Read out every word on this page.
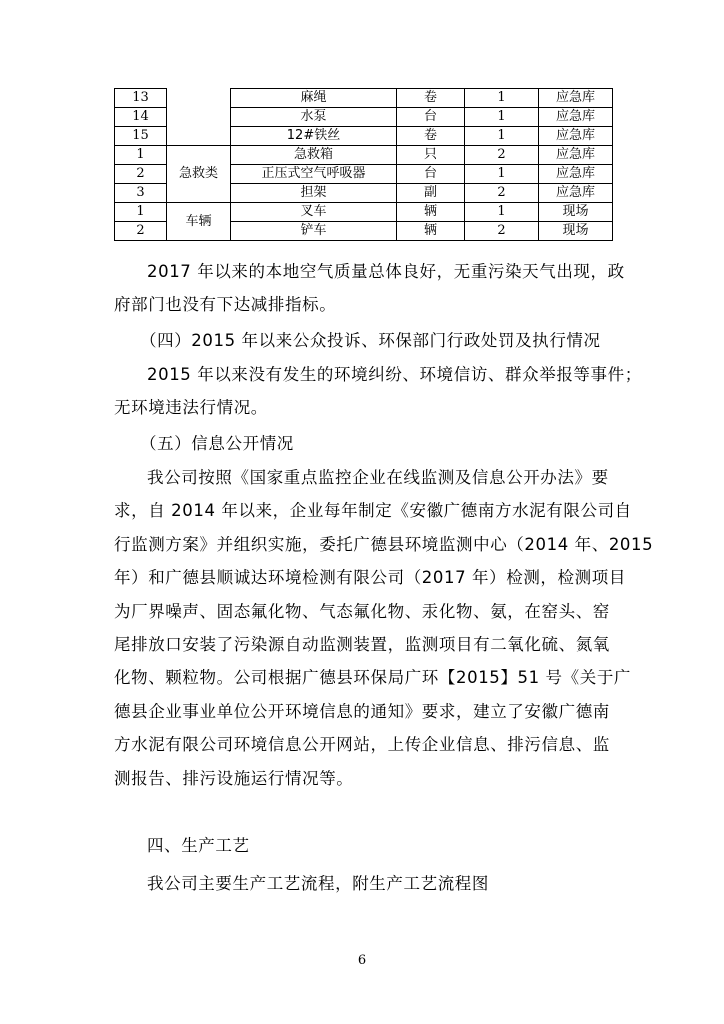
13		麻绳	卷	1	应急库
14		水泵	台	1	应急库
15		12#铁丝	卷	1	应急库
1	急救类	急救箱	只	2	应急库
2		正压式空气呼吸器	台	1	应急库
3		担架	副	2	应急库
1	车辆	叉车	辆	1	现场
2		铲车	辆	2	现场
2017 年以来的本地空气质量总体良好，无重污染天气出现，政
府部门也没有下达减排指标。
（四）2015 年以来公众投诉、环保部门行政处罚及执行情况
2015 年以来没有发生的环境纠纷、环境信访、群众举报等事件；
无环境违法行情况。
（五）信息公开情况
我公司按照《国家重点监控企业在线监测及信息公开办法》要
求，自 2014 年以来，企业每年制定《安徽广德南方水泥有限公司自
行监测方案》并组织实施，委托广德县环境监测中心（2014 年、2015
年）和广德县顺诚达环境检测有限公司（2017 年）检测，检测项目
为厂界噪声、固态氟化物、气态氟化物、汞化物、氨，在窑头、窑
尾排放口安装了污染源自动监测装置，监测项目有二氧化硫、氮氧
化物、颗粒物。公司根据广德县环保局广环【2015】51 号《关于广
德县企业事业单位公开环境信息的通知》要求，建立了安徽广德南
方水泥有限公司环境信息公开网站，上传企业信息、排污信息、监
测报告、排污设施运行情况等。
四、生产工艺
我公司主要生产工艺流程，附生产工艺流程图
6
